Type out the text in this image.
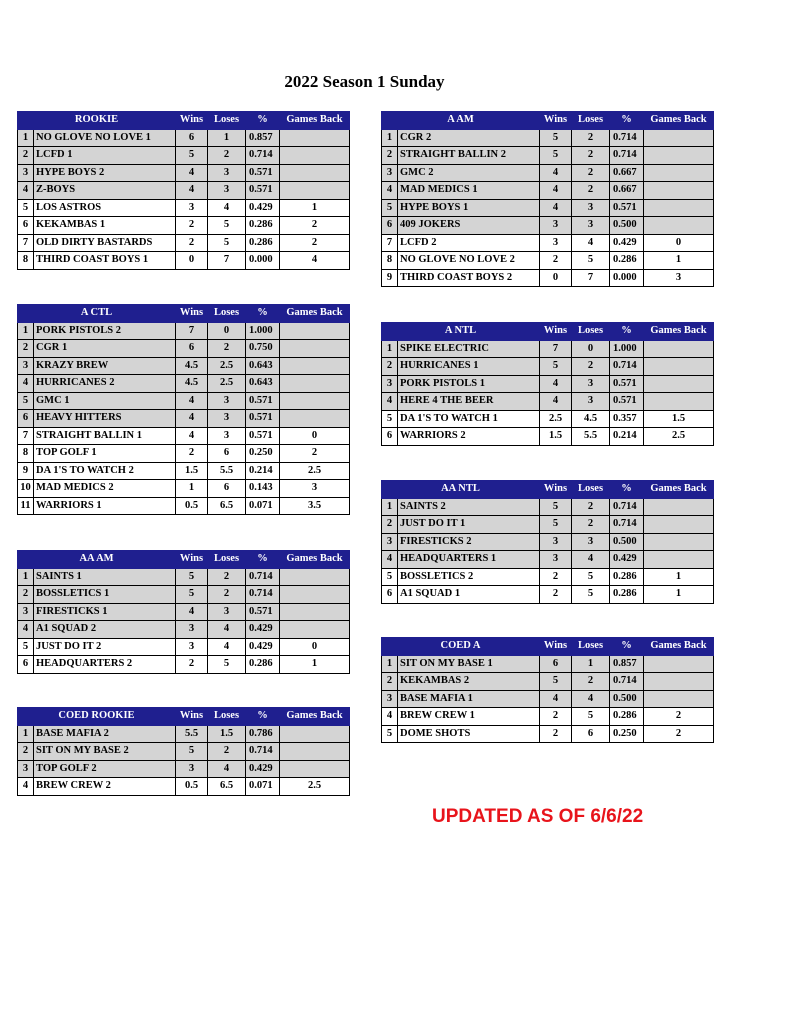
2022 Season 1 Sunday
ROOKIE		Wins	Loses	%	Games Back
1	NO GLOVE NO LOVE 1	6	1	0.857	
2	LCFD 1	5	2	0.714	
3	HYPE BOYS 2	4	3	0.571	
4	Z-BOYS	4	3	0.571	
5	LOS ASTROS	3	4	0.429	1
6	KEKAMBAS 1	2	5	0.286	2
7	OLD DIRTY BASTARDS	2	5	0.286	2
8	THIRD COAST BOYS 1	0	7	0.000	4
A AM		Wins	Loses	%	Games Back
1	CGR 2	5	2	0.714	
2	STRAIGHT BALLIN 2	5	2	0.714	
3	GMC 2	4	2	0.667	
4	MAD MEDICS 1	4	2	0.667	
5	HYPE BOYS 1	4	3	0.571	
6	409 JOKERS	3	3	0.500	
7	LCFD 2	3	4	0.429	0
8	NO GLOVE NO LOVE 2	2	5	0.286	1
9	THIRD COAST BOYS 2	0	7	0.000	3
A CTL		Wins	Loses	%	Games Back
1	PORK PISTOLS 2	7	0	1.000	
2	CGR 1	6	2	0.750	
3	KRAZY BREW	4.5	2.5	0.643	
4	HURRICANES 2	4.5	2.5	0.643	
5	GMC 1	4	3	0.571	
6	HEAVY HITTERS	4	3	0.571	
7	STRAIGHT BALLIN 1	4	3	0.571	0
8	TOP GOLF 1	2	6	0.250	2
9	DA 1'S TO WATCH 2	1.5	5.5	0.214	2.5
10	MAD MEDICS 2	1	6	0.143	3
11	WARRIORS 1	0.5	6.5	0.071	3.5
A NTL		Wins	Loses	%	Games Back
1	SPIKE ELECTRIC	7	0	1.000	
2	HURRICANES 1	5	2	0.714	
3	PORK PISTOLS 1	4	3	0.571	
4	HERE 4 THE BEER	4	3	0.571	
5	DA 1'S TO WATCH 1	2.5	4.5	0.357	1.5
6	WARRIORS 2	1.5	5.5	0.214	2.5
AA NTL		Wins	Loses	%	Games Back
1	SAINTS 2	5	2	0.714	
2	JUST DO IT 1	5	2	0.714	
3	FIRESTICKS 2	3	3	0.500	
4	HEADQUARTERS 1	3	4	0.429	
5	BOSSLETICS 2	2	5	0.286	1
6	A1 SQUAD 1	2	5	0.286	1
AA AM		Wins	Loses	%	Games Back
1	SAINTS 1	5	2	0.714	
2	BOSSLETICS 1	5	2	0.714	
3	FIRESTICKS 1	4	3	0.571	
4	A1 SQUAD 2	3	4	0.429	
5	JUST DO IT 2	3	4	0.429	0
6	HEADQUARTERS 2	2	5	0.286	1
COED A		Wins	Loses	%	Games Back
1	SIT ON MY BASE 1	6	1	0.857	
2	KEKAMBAS 2	5	2	0.714	
3	BASE MAFIA 1	4	4	0.500	
4	BREW CREW 1	2	5	0.286	2
5	DOME SHOTS	2	6	0.250	2
COED ROOKIE		Wins	Loses	%	Games Back
1	BASE MAFIA 2	5.5	1.5	0.786	
2	SIT ON MY BASE 2	5	2	0.714	
3	TOP GOLF 2	3	4	0.429	
4	BREW CREW 2	0.5	6.5	0.071	2.5
UPDATED AS OF 6/6/22
